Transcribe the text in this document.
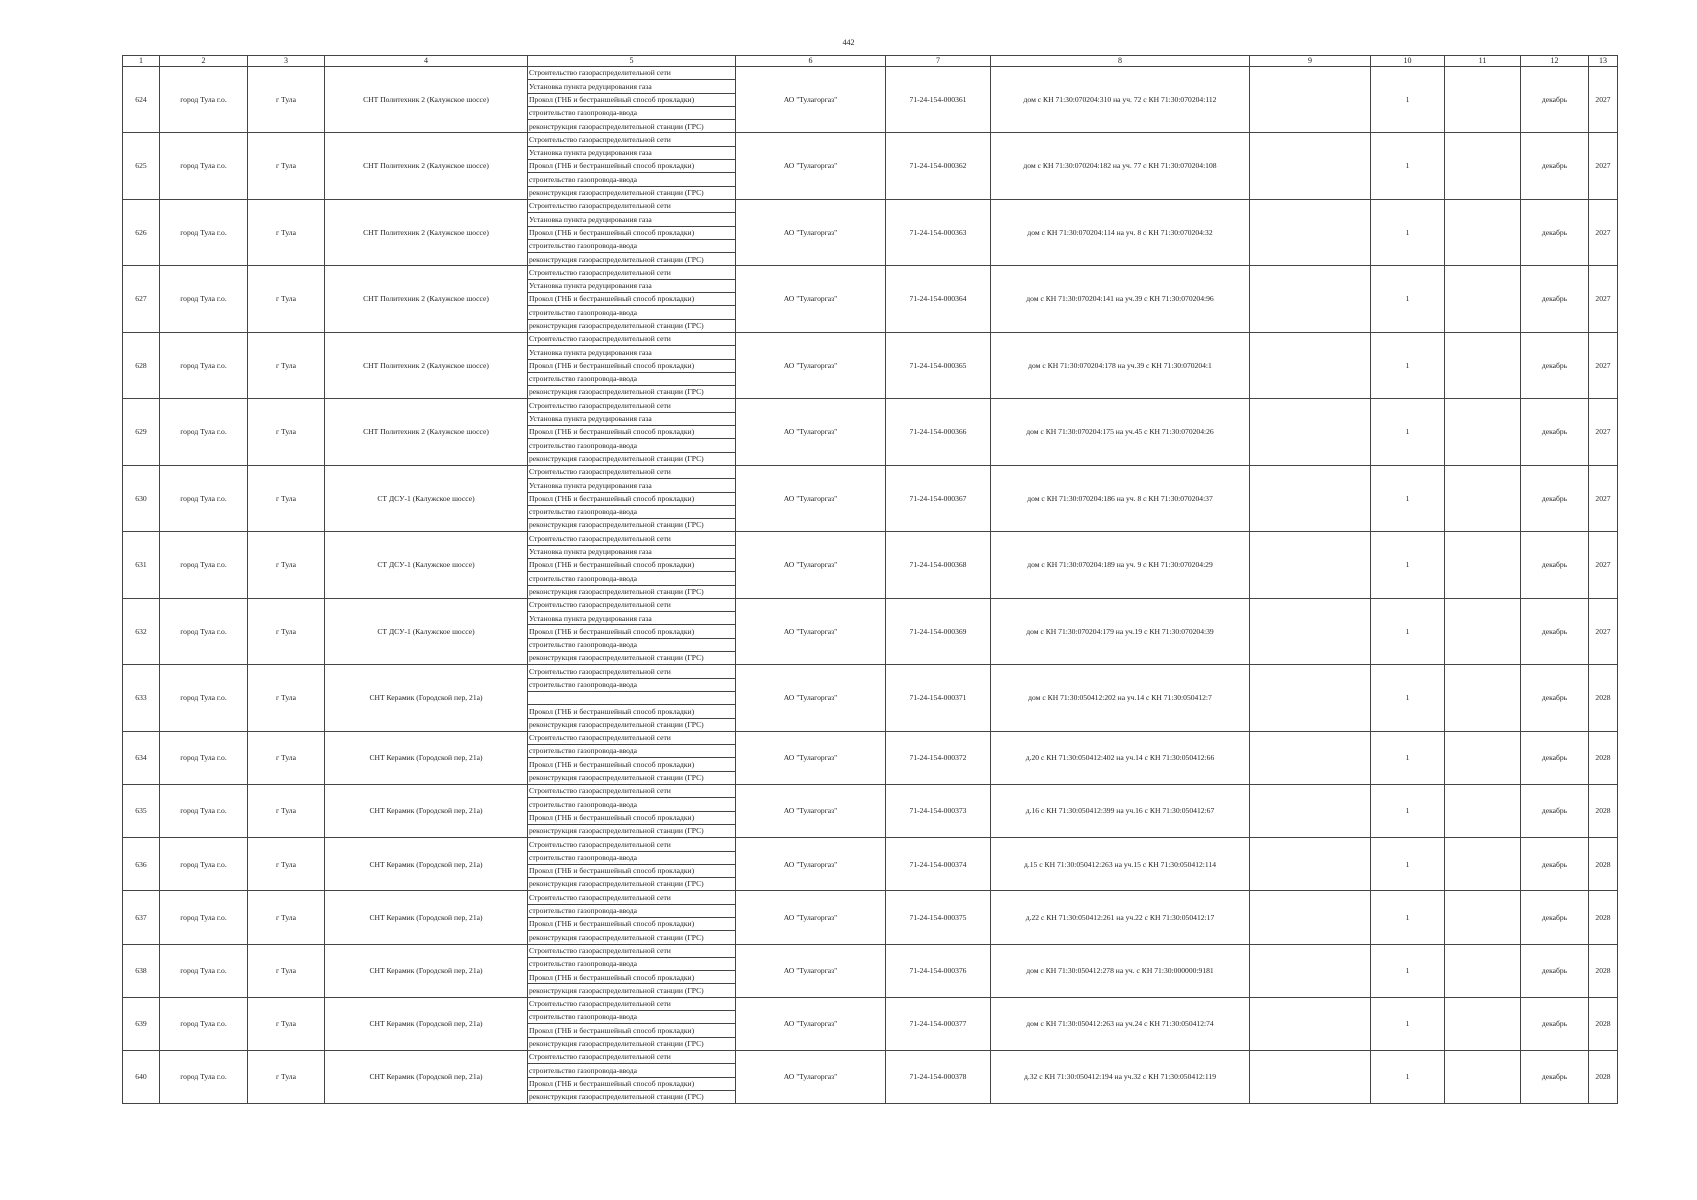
442
1	2	3	4	5	6	7	8	9	10	11	12	13
624	город Тула г.о.	г Тула	СНТ Политехник 2 (Калужское шоссе)	Строительство газораспределительной сети	АО "Тулагоргаз"	71-24-154-000361	дом с КН 71:30:070204:310 на уч. 72 с КН 71:30:070204:112		1		декабрь	2027
				Установка пункта редуцирования газа								
				Прокол (ГНБ и бестраншейный способ прокладки)								
				строительство газопровода-ввода								
				реконструкция газораспределительной станции (ГРС)								
625	город Тула г.о.	г Тула	СНТ Политехник 2 (Калужское шоссе)	Строительство газораспределительной сети	АО "Тулагоргаз"	71-24-154-000362	дом с КН 71:30:070204:182 на уч. 77 с КН 71:30:070204:108		1		декабрь	2027
				Установка пункта редуцирования газа								
				Прокол (ГНБ и бестраншейный способ прокладки)								
				строительство газопровода-ввода								
				реконструкция газораспределительной станции (ГРС)								
626	город Тула г.о.	г Тула	СНТ Политехник 2 (Калужское шоссе)	Строительство газораспределительной сети	АО "Тулагоргаз"	71-24-154-000363	дом с КН 71:30:070204:114 на уч. 8 с КН 71:30:070204:32		1		декабрь	2027
				Установка пункта редуцирования газа								
				Прокол (ГНБ и бестраншейный способ прокладки)								
				строительство газопровода-ввода								
				реконструкция газораспределительной станции (ГРС)								
627	город Тула г.о.	г Тула	СНТ Политехник 2 (Калужское шоссе)	Строительство газораспределительной сети	АО "Тулагоргаз"	71-24-154-000364	дом с КН 71:30:070204:141 на уч.39 с КН 71:30:070204:96		1		декабрь	2027
				Установка пункта редуцирования газа								
				Прокол (ГНБ и бестраншейный способ прокладки)								
				строительство газопровода-ввода								
				реконструкция газораспределительной станции (ГРС)								
628	город Тула г.о.	г Тула	СНТ Политехник 2 (Калужское шоссе)	Строительство газораспределительной сети	АО "Тулагоргаз"	71-24-154-000365	дом с КН 71:30:070204:178 на уч.39 с КН 71:30:070204:1		1		декабрь	2027
				Установка пункта редуцирования газа								
				Прокол (ГНБ и бестраншейный способ прокладки)								
				строительство газопровода-ввода								
				реконструкция газораспределительной станции (ГРС)								
629	город Тула г.о.	г Тула	СНТ Политехник 2 (Калужское шоссе)	Строительство газораспределительной сети	АО "Тулагоргаз"	71-24-154-000366	дом с КН 71:30:070204:175 на уч.45 с КН 71:30:070204:26		1		декабрь	2027
				Установка пункта редуцирования газа								
				Прокол (ГНБ и бестраншейный способ прокладки)								
				строительство газопровода-ввода								
				реконструкция газораспределительной станции (ГРС)								
630	город Тула г.о.	г Тула	СТ ДСУ-1 (Калужское шоссе)	Строительство газораспределительной сети	АО "Тулагоргаз"	71-24-154-000367	дом с КН 71:30:070204:186 на уч. 8 с КН 71:30:070204:37		1		декабрь	2027
				Установка пункта редуцирования газа								
				Прокол (ГНБ и бестраншейный способ прокладки)								
				строительство газопровода-ввода								
				реконструкция газораспределительной станции (ГРС)								
631	город Тула г.о.	г Тула	СТ ДСУ-1 (Калужское шоссе)	Строительство газораспределительной сети	АО "Тулагоргаз"	71-24-154-000368	дом с КН 71:30:070204:189 на уч. 9 с КН 71:30:070204:29		1		декабрь	2027
				Установка пункта редуцирования газа								
				Прокол (ГНБ и бестраншейный способ прокладки)								
				строительство газопровода-ввода								
				реконструкция газораспределительной станции (ГРС)								
632	город Тула г.о.	г Тула	СТ ДСУ-1 (Калужское шоссе)	Строительство газораспределительной сети	АО "Тулагоргаз"	71-24-154-000369	дом с КН 71:30:070204:179 на уч.19 с КН 71:30:070204:39		1		декабрь	2027
				Установка пункта редуцирования газа								
				Прокол (ГНБ и бестраншейный способ прокладки)								
				строительство газопровода-ввода								
				реконструкция газораспределительной станции (ГРС)								
633	город Тула г.о.	г Тула	СНТ Керамик (Городской пер, 21а)	Строительство газораспределительной сети	АО "Тулагоргаз"	71-24-154-000371	дом с КН 71:30:050412:202 на уч.14 с КН 71:30:050412:7		1		декабрь	2028
				строительство газопровода-ввода								

				Прокол (ГНБ и бестраншейный способ прокладки)								
				реконструкция газораспределительной станции (ГРС)								
634	город Тула г.о.	г Тула	СНТ Керамик (Городской пер, 21а)	Строительство газораспределительной сети	АО "Тулагоргаз"	71-24-154-000372	д.20 с КН 71:30:050412:402 на уч.14 с КН 71:30:050412:66		1		декабрь	2028
				строительство газопровода-ввода								
				Прокол (ГНБ и бестраншейный способ прокладки)								
				реконструкция газораспределительной станции (ГРС)								
635	город Тула г.о.	г Тула	СНТ Керамик (Городской пер, 21а)	Строительство газораспределительной сети	АО "Тулагоргаз"	71-24-154-000373	д.16 с КН 71:30:050412:399 на уч.16 с КН 71:30:050412:67		1		декабрь	2028
				строительство газопровода-ввода								
				Прокол (ГНБ и бестраншейный способ прокладки)								
				реконструкция газораспределительной станции (ГРС)								
636	город Тула г.о.	г Тула	СНТ Керамик (Городской пер, 21а)	Строительство газораспределительной сети	АО "Тулагоргаз"	71-24-154-000374	д.15 с КН 71:30:050412:263 на уч.15 с КН 71:30:050412:114		1		декабрь	2028
				строительство газопровода-ввода								
				Прокол (ГНБ и бестраншейный способ прокладки)								
				реконструкция газораспределительной станции (ГРС)								
637	город Тула г.о.	г Тула	СНТ Керамик (Городской пер, 21а)	Строительство газораспределительной сети	АО "Тулагоргаз"	71-24-154-000375	д.22 с КН 71:30:050412:261 на уч.22 с КН 71:30:050412:17		1		декабрь	2028
				строительство газопровода-ввода								
				Прокол (ГНБ и бестраншейный способ прокладки)								
				реконструкция газораспределительной станции (ГРС)								
638	город Тула г.о.	г Тула	СНТ Керамик (Городской пер, 21а)	Строительство газораспределительной сети	АО "Тулагоргаз"	71-24-154-000376	дом с КН 71:30:050412:278 на уч. с КН 71:30:000000:9181		1		декабрь	2028
				строительство газопровода-ввода								
				Прокол (ГНБ и бестраншейный способ прокладки)								
				реконструкция газораспределительной станции (ГРС)								
639	город Тула г.о.	г Тула	СНТ Керамик (Городской пер, 21а)	Строительство газораспределительной сети	АО "Тулагоргаз"	71-24-154-000377	дом с КН 71:30:050412:263 на уч.24 с КН 71:30:050412:74		1		декабрь	2028
				строительство газопровода-ввода								
				Прокол (ГНБ и бестраншейный способ прокладки)								
				реконструкция газораспределительной станции (ГРС)								
640	город Тула г.о.	г Тула	СНТ Керамик (Городской пер, 21а)	Строительство газораспределительной сети	АО "Тулагоргаз"	71-24-154-000378	д.32 с КН 71:30:050412:194 на уч.32 с КН 71:30:050412:119		1		декабрь	2028
				строительство газопровода-ввода								
				Прокол (ГНБ и бестраншейный способ прокладки)								
				реконструкция газораспределительной станции (ГРС)								
